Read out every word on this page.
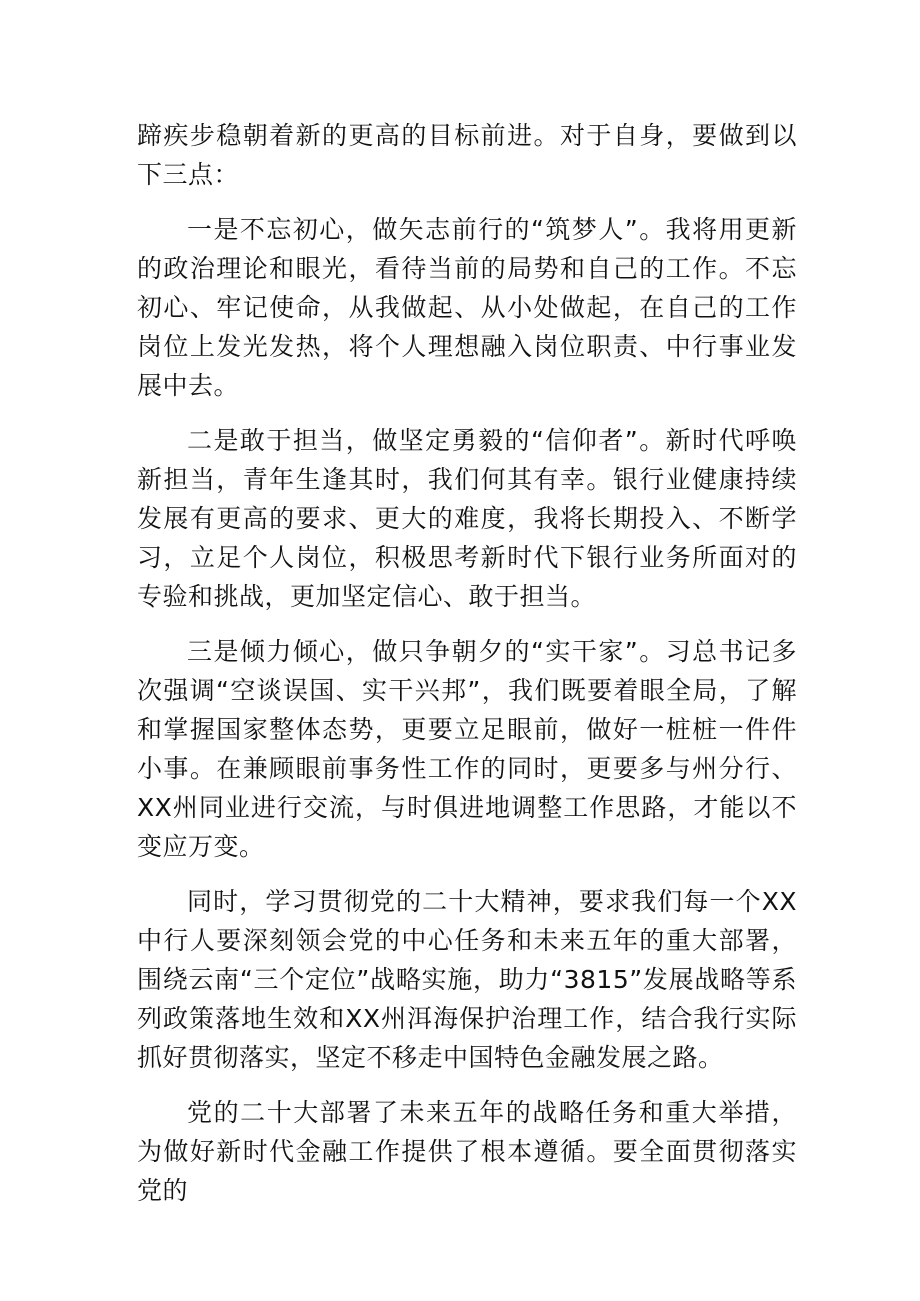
蹄疾步稳朝着新的更高的目标前进。对于自身，要做到以下三点：

一是不忘初心，做矢志前行的“筑梦人”。我将用更新的政治理论和眼光，看待当前的局势和自己的工作。不忘初心、牢记使命，从我做起、从小处做起，在自己的工作岗位上发光发热，将个人理想融入岗位职责、中行事业发展中去。

二是敢于担当，做坚定勇毅的“信仰者”。新时代呼唤新担当，青年生逢其时，我们何其有幸。银行业健康持续发展有更高的要求、更大的难度，我将长期投入、不断学习，立足个人岗位，积极思考新时代下银行业务所面对的专验和挑战，更加坚定信心、敢于担当。

三是倾力倾心，做只争朝夕的“实干家”。习总书记多次强调“空谈误国、实干兴邦”，我们既要着眼全局，了解和掌握国家整体态势，更要立足眼前，做好一桩桩一件件小事。在兼顾眼前事务性工作的同时，更要多与州分行、XX州同业进行交流，与时俱进地调整工作思路，才能以不变应万变。

同时，学习贯彻党的二十大精神，要求我们每一个XX中行人要深刻领会党的中心任务和未来五年的重大部署，围绕云南“三个定位”战略实施，助力“3815”发展战略等系列政策落地生效和XX州洱海保护治理工作，结合我行实际抓好贯彻落实，坚定不移走中国特色金融发展之路。

党的二十大部署了未来五年的战略任务和重大举措，为做好新时代金融工作提供了根本遵循。要全面贯彻落实党的
